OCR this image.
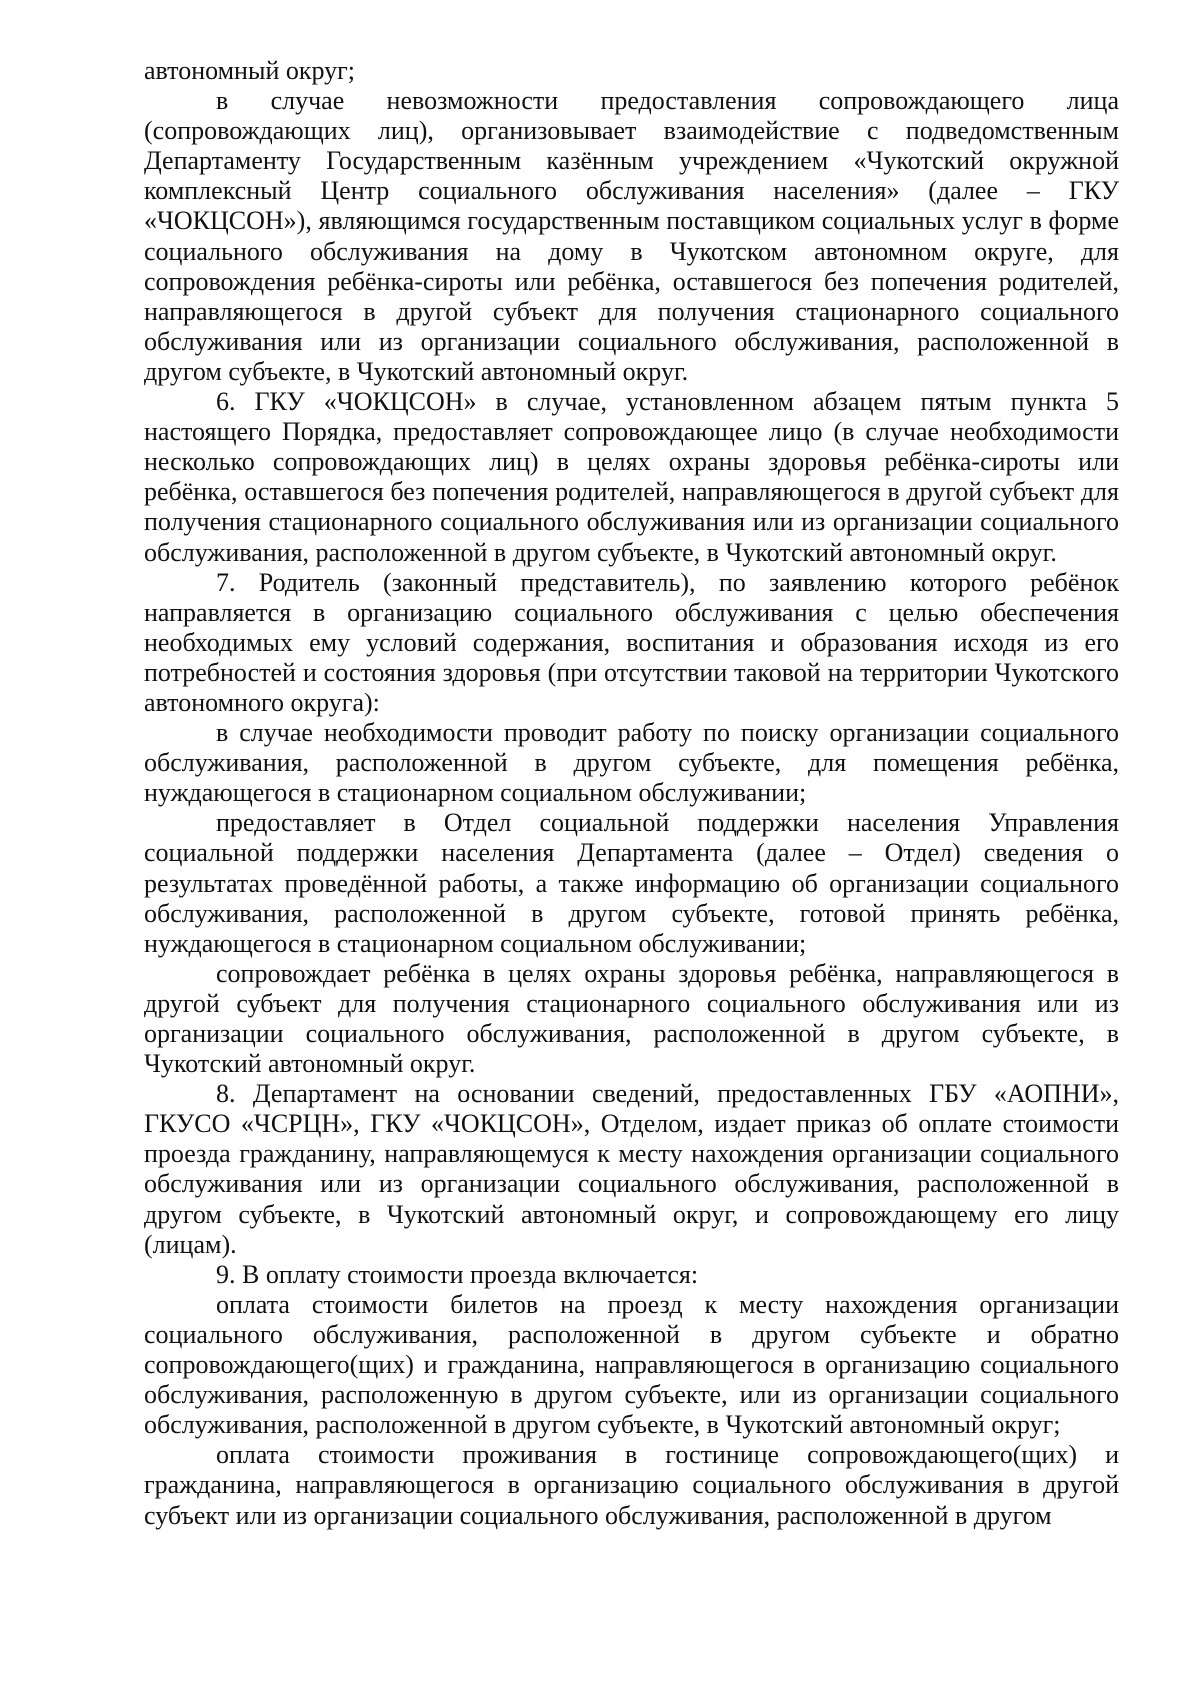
автономный округ;

в случае невозможности предоставления сопровождающего лица (сопровождающих лиц), организовывает взаимодействие с подведомственным Департаменту Государственным казённым учреждением «Чукотский окружной комплексный Центр социального обслуживания населения» (далее – ГКУ «ЧОКЦСОН»), являющимся государственным поставщиком социальных услуг в форме социального обслуживания на дому в Чукотском автономном округе, для сопровождения ребёнка-сироты или ребёнка, оставшегося без попечения родителей, направляющегося в другой субъект для получения стационарного социального обслуживания или из организации социального обслуживания, расположенной в другом субъекте, в Чукотский автономный округ.

6. ГКУ «ЧОКЦСОН» в случае, установленном абзацем пятым пункта 5 настоящего Порядка, предоставляет сопровождающее лицо (в случае необходимости несколько сопровождающих лиц) в целях охраны здоровья ребёнка-сироты или ребёнка, оставшегося без попечения родителей, направляющегося в другой субъект для получения стационарного социального обслуживания или из организации социального обслуживания, расположенной в другом субъекте, в Чукотский автономный округ.

7. Родитель (законный представитель), по заявлению которого ребёнок направляется в организацию социального обслуживания с целью обеспечения необходимых ему условий содержания, воспитания и образования исходя из его потребностей и состояния здоровья (при отсутствии таковой на территории Чукотского автономного округа):

в случае необходимости проводит работу по поиску организации социального обслуживания, расположенной в другом субъекте, для помещения ребёнка, нуждающегося в стационарном социальном обслуживании;

предоставляет в Отдел социальной поддержки населения Управления социальной поддержки населения Департамента (далее – Отдел) сведения о результатах проведённой работы, а также информацию об организации социального обслуживания, расположенной в другом субъекте, готовой принять ребёнка, нуждающегося в стационарном социальном обслуживании;

сопровождает ребёнка в целях охраны здоровья ребёнка, направляющегося в другой субъект для получения стационарного социального обслуживания или из организации социального обслуживания, расположенной в другом субъекте, в Чукотский автономный округ.

8. Департамент на основании сведений, предоставленных ГБУ «АОПНИ», ГКУСО «ЧСРЦН», ГКУ «ЧОКЦСОН», Отделом, издает приказ об оплате стоимости проезда гражданину, направляющемуся к месту нахождения организации социального обслуживания или из организации социального обслуживания, расположенной в другом субъекте, в Чукотский автономный округ, и сопровождающему его лицу (лицам).

9. В оплату стоимости проезда включается:

оплата стоимости билетов на проезд к месту нахождения организации социального обслуживания, расположенной в другом субъекте и обратно сопровождающего(щих) и гражданина, направляющегося в организацию социального обслуживания, расположенную в другом субъекте, или из организации социального обслуживания, расположенной в другом субъекте, в Чукотский автономный округ;

оплата стоимости проживания в гостинице сопровождающего(щих) и гражданина, направляющегося в организацию социального обслуживания в другой субъект или из организации социального обслуживания, расположенной в другом
